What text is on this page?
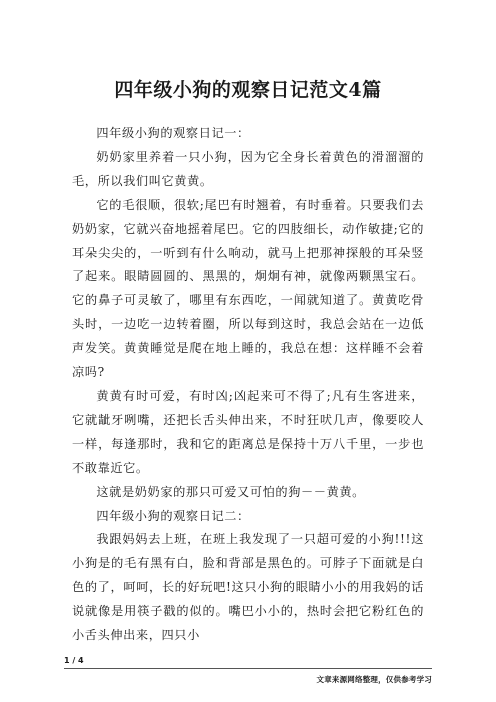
四年级小狗的观察日记范文4篇

四年级小狗的观察日记一：

奶奶家里养着一只小狗，因为它全身长着黄色的滑溜溜的毛，所以我们叫它黄黄。

它的毛很顺，很软;尾巴有时翘着，有时垂着。只要我们去奶奶家，它就兴奋地摇着尾巴。它的四肢细长，动作敏捷;它的耳朵尖尖的，一听到有什么响动，就马上把那神探般的耳朵竖了起来。眼睛圆圆的、黑黑的，炯炯有神，就像两颗黑宝石。它的鼻子可灵敏了，哪里有东西吃，一闻就知道了。黄黄吃骨头时，一边吃一边转着圈，所以每到这时，我总会站在一边低声发笑。黄黄睡觉是爬在地上睡的，我总在想：这样睡不会着凉吗?

黄黄有时可爱，有时凶;凶起来可不得了;凡有生客进来，它就龇牙咧嘴，还把长舌头伸出来，不时狂吠几声，像要咬人一样，每逢那时，我和它的距离总是保持十万八千里，一步也不敢靠近它。

这就是奶奶家的那只可爱又可怕的狗－－黄黄。

四年级小狗的观察日记二：

我跟妈妈去上班，在班上我发现了一只超可爱的小狗!!!这小狗是的毛有黑有白，脸和背部是黑色的。可脖子下面就是白色的了，呵呵，长的好玩吧!这只小狗的眼睛小小的用我妈的话说就像是用筷子戳的似的。嘴巴小小的，热时会把它粉红色的小舌头伸出来，四只小

1 / 4
文章来源网络整理，仅供参考学习
